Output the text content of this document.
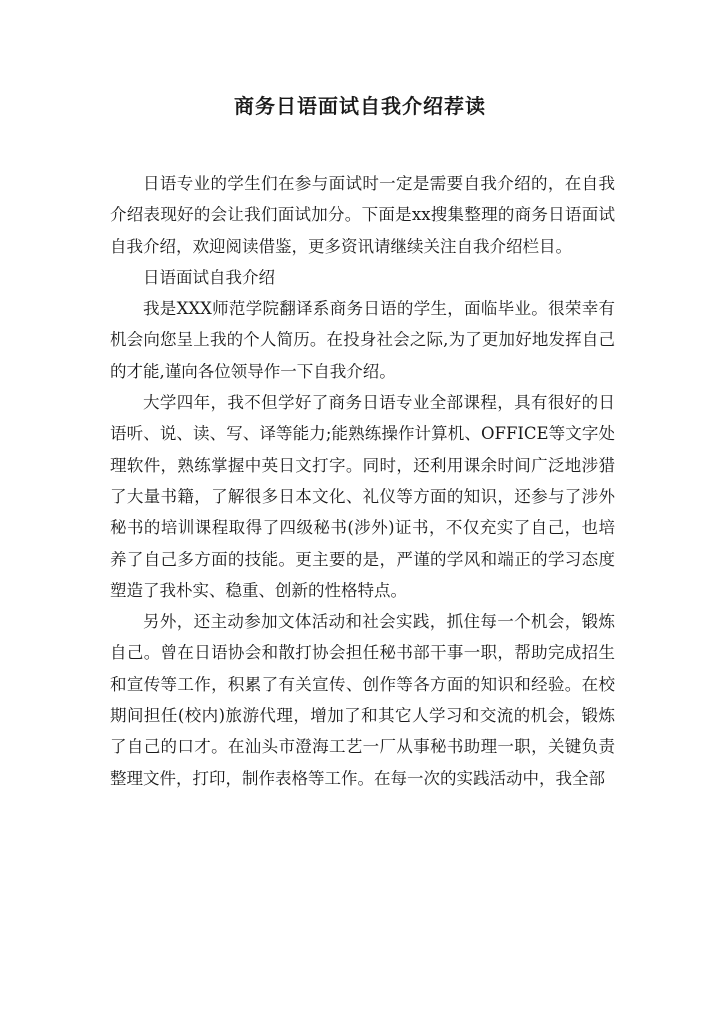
商务日语面试自我介绍荐读

日语专业的学生们在参与面试时一定是需要自我介绍的，在自我介绍表现好的会让我们面试加分。下面是xx搜集整理的商务日语面试自我介绍，欢迎阅读借鉴，更多资讯请继续关注自我介绍栏目。

日语面试自我介绍

我是XXX师范学院翻译系商务日语的学生，面临毕业。很荣幸有机会向您呈上我的个人简历。在投身社会之际,为了更加好地发挥自己的才能,谨向各位领导作一下自我介绍。

大学四年，我不但学好了商务日语专业全部课程，具有很好的日语听、说、读、写、译等能力;能熟练操作计算机、OFFICE等文字处理软件，熟练掌握中英日文打字。同时，还利用课余时间广泛地涉猎了大量书籍，了解很多日本文化、礼仪等方面的知识，还参与了涉外秘书的培训课程取得了四级秘书(涉外)证书，不仅充实了自己，也培养了自己多方面的技能。更主要的是，严谨的学风和端正的学习态度塑造了我朴实、稳重、创新的性格特点。

另外，还主动参加文体活动和社会实践，抓住每一个机会，锻炼自己。曾在日语协会和散打协会担任秘书部干事一职，帮助完成招生和宣传等工作，积累了有关宣传、创作等各方面的知识和经验。在校期间担任(校内)旅游代理，增加了和其它人学习和交流的机会，锻炼了自己的口才。在汕头市澄海工艺一厂从事秘书助理一职，关键负责整理文件，打印，制作表格等工作。在每一次的实践活动中，我全部
